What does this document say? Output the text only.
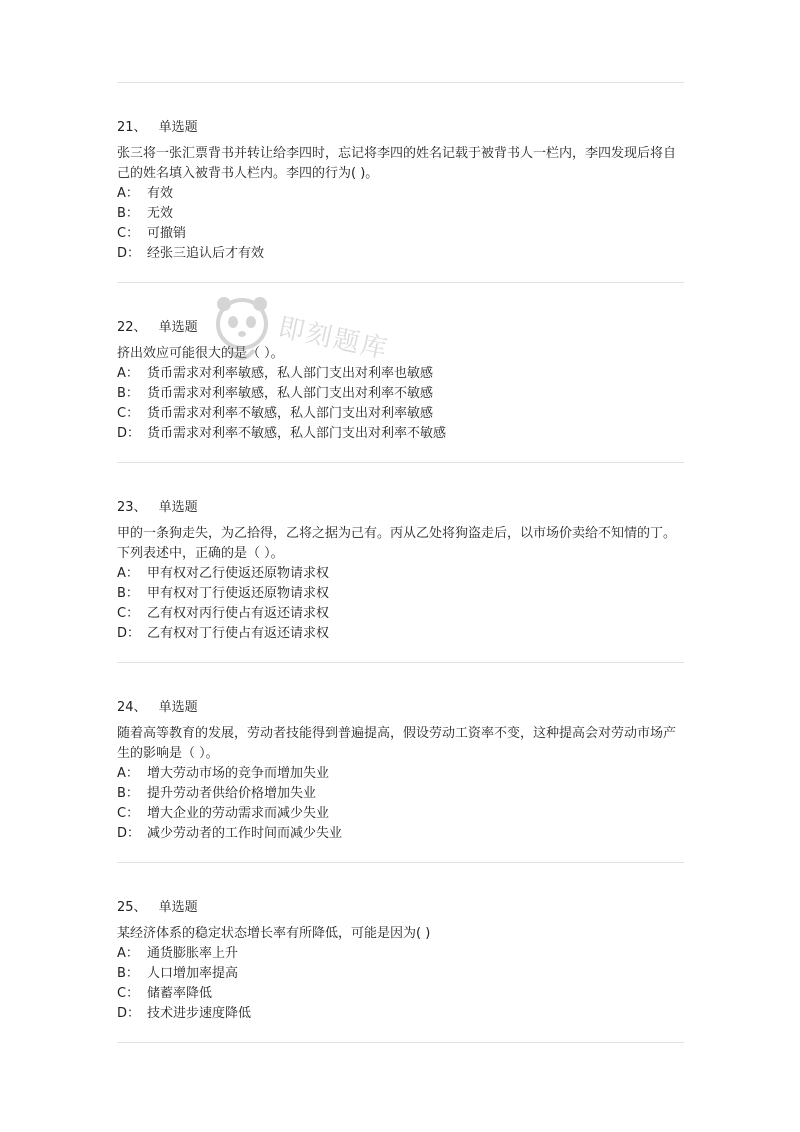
21、 单选题
张三将一张汇票背书并转让给李四时，忘记将李四的姓名记载于被背书人一栏内，李四发现后将自己的姓名填入被背书人栏内。李四的行为( )。
A： 有效
B： 无效
C： 可撤销
D： 经张三追认后才有效
22、 单选题
挤出效应可能很大的是（ ）。
A： 货币需求对利率敏感，私人部门支出对利率也敏感
B： 货币需求对利率敏感，私人部门支出对利率不敏感
C： 货币需求对利率不敏感，私人部门支出对利率敏感
D： 货币需求对利率不敏感，私人部门支出对利率不敏感
23、 单选题
甲的一条狗走失，为乙拾得，乙将之据为己有。丙从乙处将狗盗走后，以市场价卖给不知情的丁。下列表述中，正确的是（ ）。
A： 甲有权对乙行使返还原物请求权
B： 甲有权对丁行使返还原物请求权
C： 乙有权对丙行使占有返还请求权
D： 乙有权对丁行使占有返还请求权
24、 单选题
随着高等教育的发展，劳动者技能得到普遍提高，假设劳动工资率不变，这种提高会对劳动市场产生的影响是（ ）。
A： 增大劳动市场的竞争而增加失业
B： 提升劳动者供给价格增加失业
C： 增大企业的劳动需求而减少失业
D： 减少劳动者的工作时间而减少失业
25、 单选题
某经济体系的稳定状态增长率有所降低，可能是因为( )
A： 通货膨胀率上升
B： 人口增加率提高
C： 储蓄率降低
D： 技术进步速度降低
即刻题库
